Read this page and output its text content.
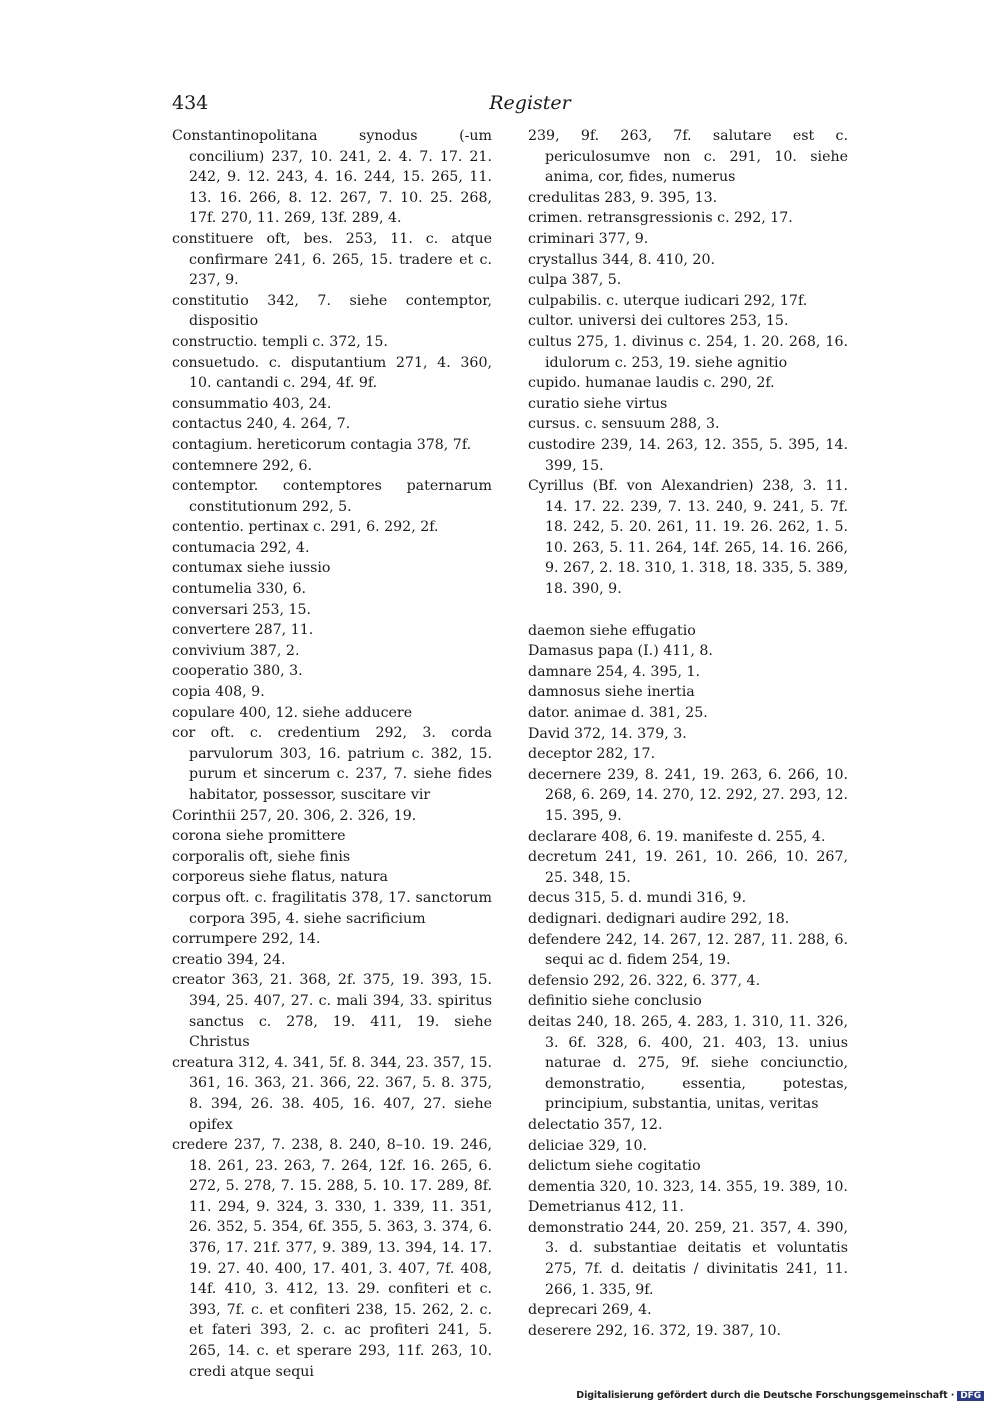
434	Register

Constantinopolitana synodus (-um concilium) 237, 10. 241, 2. 4. 7. 17. 21. 242, 9. 12. 243, 4. 16. 244, 15. 265, 11. 13. 16. 266, 8. 12. 267, 7. 10. 25. 268, 17f. 270, 11. 269, 13f. 289, 4.

constituere oft, bes. 253, 11. c. atque confirmare 241, 6. 265, 15. tradere et c. 237, 9.

constitutio 342, 7. siehe contemptor, dispositio

constructio. templi c. 372, 15.

consuetudo. c. disputantium 271, 4. 360, 10. cantandi c. 294, 4f. 9f.

consummatio 403, 24.

contactus 240, 4. 264, 7.

contagium. hereticorum contagia 378, 7f.

contemnere 292, 6.

contemptor. contemptores paternarum constitutionum 292, 5.

contentio. pertinax c. 291, 6. 292, 2f.

contumacia 292, 4.

contumax siehe iussio

contumelia 330, 6.

conversari 253, 15.

convertere 287, 11.

convivium 387, 2.

cooperatio 380, 3.

copia 408, 9.

copulare 400, 12. siehe adducere

cor oft. c. credentium 292, 3. corda parvulorum 303, 16. patrium c. 382, 15. purum et sincerum c. 237, 7. siehe fides habitator, possessor, suscitare vir

Corinthii 257, 20. 306, 2. 326, 19.

corona siehe promittere

corporalis oft, siehe finis

corporeus siehe flatus, natura

corpus oft. c. fragilitatis 378, 17. sanctorum corpora 395, 4. siehe sacrificium

corrumpere 292, 14.

creatio 394, 24.

creator 363, 21. 368, 2f. 375, 19. 393, 15. 394, 25. 407, 27. c. mali 394, 33. spiritus sanctus c. 278, 19. 411, 19. siehe Christus

creatura 312, 4. 341, 5f. 8. 344, 23. 357, 15. 361, 16. 363, 21. 366, 22. 367, 5. 8. 375, 8. 394, 26. 38. 405, 16. 407, 27. siehe opifex

credere 237, 7. 238, 8. 240, 8–10. 19. 246, 18. 261, 23. 263, 7. 264, 12f. 16. 265, 6. 272, 5. 278, 7. 15. 288, 5. 10. 17. 289, 8f. 11. 294, 9. 324, 3. 330, 1. 339, 11. 351, 26. 352, 5. 354, 6f. 355, 5. 363, 3. 374, 6. 376, 17. 21f. 377, 9. 389, 13. 394, 14. 17. 19. 27. 40. 400, 17. 401, 3. 407, 7f. 408, 14f. 410, 3. 412, 13. 29. confiteri et c. 393, 7f. c. et confiteri 238, 15. 262, 2. c. et fateri 393, 2. c. ac profiteri 241, 5. 265, 14. c. et sperare 293, 11f. 263, 10. credi atque sequi

239, 9f. 263, 7f. salutare est c. periculosumve non c. 291, 10. siehe anima, cor, fides, numerus

credulitas 283, 9. 395, 13.

crimen. retransgressionis c. 292, 17.

criminari 377, 9.

crystallus 344, 8. 410, 20.

culpa 387, 5.

culpabilis. c. uterque iudicari 292, 17f.

cultor. universi dei cultores 253, 15.

cultus 275, 1. divinus c. 254, 1. 20. 268, 16. idulorum c. 253, 19. siehe agnitio

cupido. humanae laudis c. 290, 2f.

curatio siehe virtus

cursus. c. sensuum 288, 3.

custodire 239, 14. 263, 12. 355, 5. 395, 14. 399, 15.

Cyrillus (Bf. von Alexandrien) 238, 3. 11. 14. 17. 22. 239, 7. 13. 240, 9. 241, 5. 7f. 18. 242, 5. 20. 261, 11. 19. 26. 262, 1. 5. 10. 263, 5. 11. 264, 14f. 265, 14. 16. 266, 9. 267, 2. 18. 310, 1. 318, 18. 335, 5. 389, 18. 390, 9.

daemon siehe effugatio

Damasus papa (I.) 411, 8.

damnare 254, 4. 395, 1.

damnosus siehe inertia

dator. animae d. 381, 25.

David 372, 14. 379, 3.

deceptor 282, 17.

decernere 239, 8. 241, 19. 263, 6. 266, 10. 268, 6. 269, 14. 270, 12. 292, 27. 293, 12. 15. 395, 9.

declarare 408, 6. 19. manifeste d. 255, 4.

decretum 241, 19. 261, 10. 266, 10. 267, 25. 348, 15.

decus 315, 5. d. mundi 316, 9.

dedignari. dedignari audire 292, 18.

defendere 242, 14. 267, 12. 287, 11. 288, 6. sequi ac d. fidem 254, 19.

defensio 292, 26. 322, 6. 377, 4.

definitio siehe conclusio

deitas 240, 18. 265, 4. 283, 1. 310, 11. 326, 3. 6f. 328, 6. 400, 21. 403, 13. unius naturae d. 275, 9f. siehe conciunctio, demonstratio, essentia, potestas, principium, substantia, unitas, veritas

delectatio 357, 12.

deliciae 329, 10.

delictum siehe cogitatio

dementia 320, 10. 323, 14. 355, 19. 389, 10.

Demetrianus 412, 11.

demonstratio 244, 20. 259, 21. 357, 4. 390, 3. d. substantiae deitatis et voluntatis 275, 7f. d. deitatis / divinitatis 241, 11. 266, 1. 335, 9f.

deprecari 269, 4.

deserere 292, 16. 372, 19. 387, 10.

Digitalisierung gefördert durch die Deutsche Forschungsgemeinschaft · DFG
